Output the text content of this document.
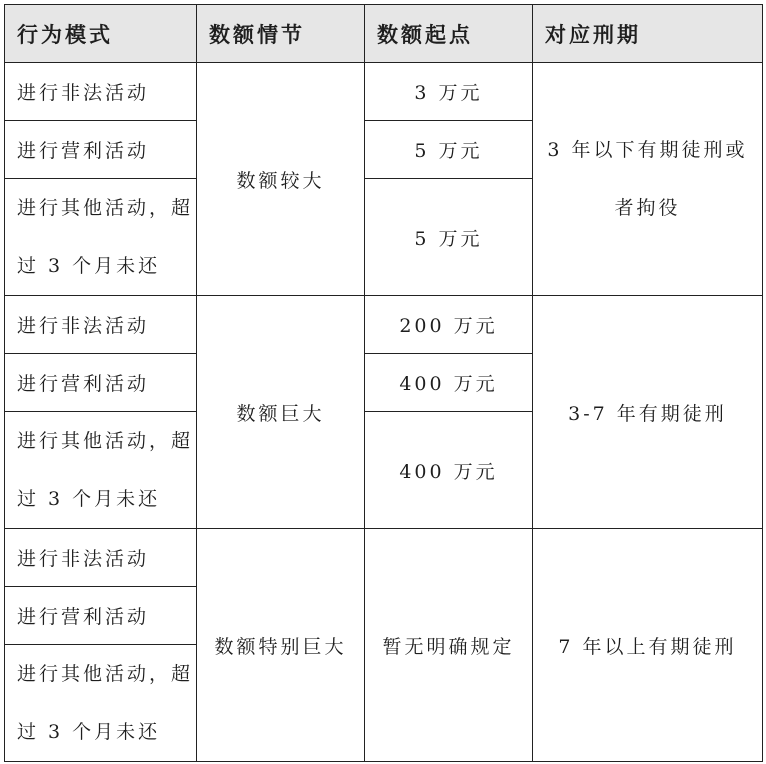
行为模式	数额情节	数额起点	对应刑期
进行非法活动	数额较大	3 万元	3 年以下有期徒刑或者拘役
进行营利活动		5 万元	
进行其他活动，超过 3 个月未还		5 万元	
进行非法活动	数额巨大	200 万元	3-7 年有期徒刑
进行营利活动		400 万元	
进行其他活动，超过 3 个月未还		400 万元	
进行非法活动	数额特别巨大	暂无明确规定	7 年以上有期徒刑
进行营利活动			
进行其他活动，超过 3 个月未还			
